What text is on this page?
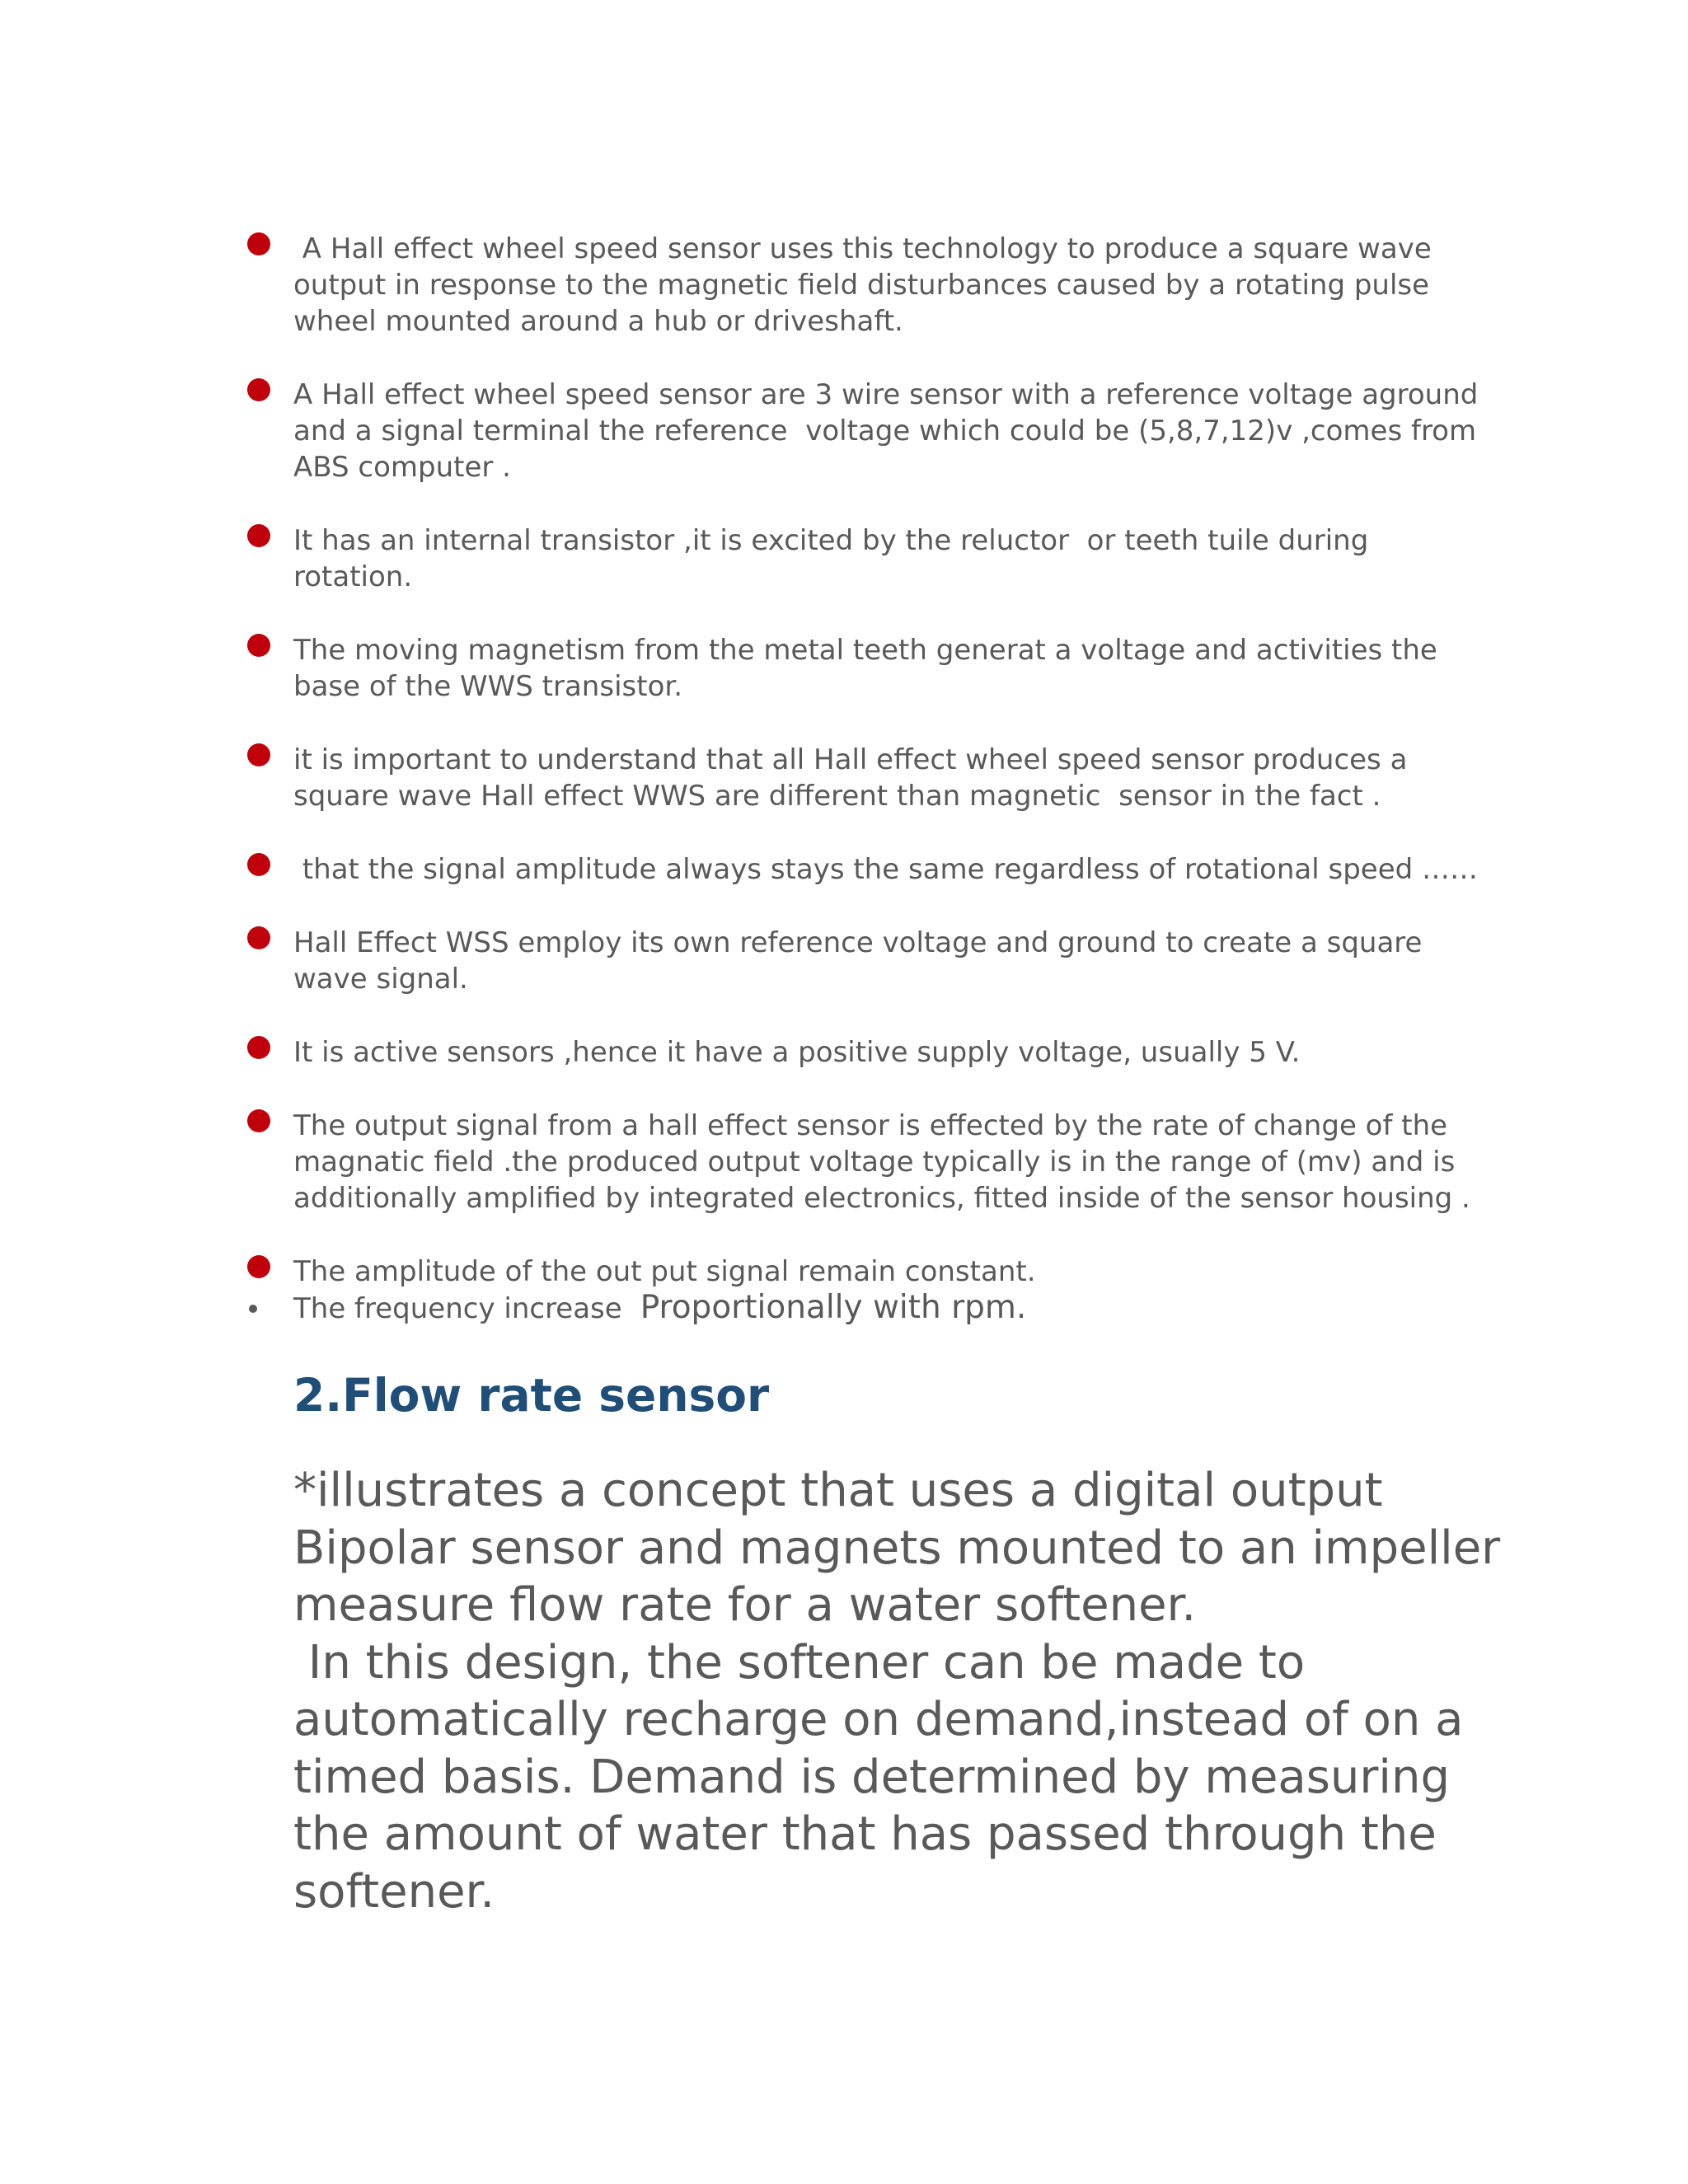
A Hall effect wheel speed sensor uses this technology to produce a square wave
output in response to the magnetic field disturbances caused by a rotating pulse
wheel mounted around a hub or driveshaft.
A Hall effect wheel speed sensor are 3 wire sensor with a reference voltage aground
and a signal terminal the reference  voltage which could be (5,8,7,12)v ,comes from
ABS computer .
It has an internal transistor ,it is excited by the reluctor  or teeth tuile during
rotation.
The moving magnetism from the metal teeth generat a voltage and activities the
base of the WWS transistor.
it is important to understand that all Hall effect wheel speed sensor produces a
square wave Hall effect WWS are different than magnetic  sensor in the fact .
that the signal amplitude always stays the same regardless of rotational speed ……
Hall Effect WSS employ its own reference voltage and ground to create a square
wave signal.
It is active sensors ,hence it have a positive supply voltage, usually 5 V.
The output signal from a hall effect sensor is effected by the rate of change of the
magnatic field .the produced output voltage typically is in the range of (mv) and is
additionally amplified by integrated electronics, fitted inside of the sensor housing .
The amplitude of the out put signal remain constant.
The frequency increase Proportionally with rpm.
2.Flow rate sensor

*illustrates a concept that uses a digital output
Bipolar sensor and magnets mounted to an impeller
measure flow rate for a water softener.
In this design, the softener can be made to
automatically recharge on demand,instead of on a
timed basis. Demand is determined by measuring
the amount of water that has passed through the
softener.
